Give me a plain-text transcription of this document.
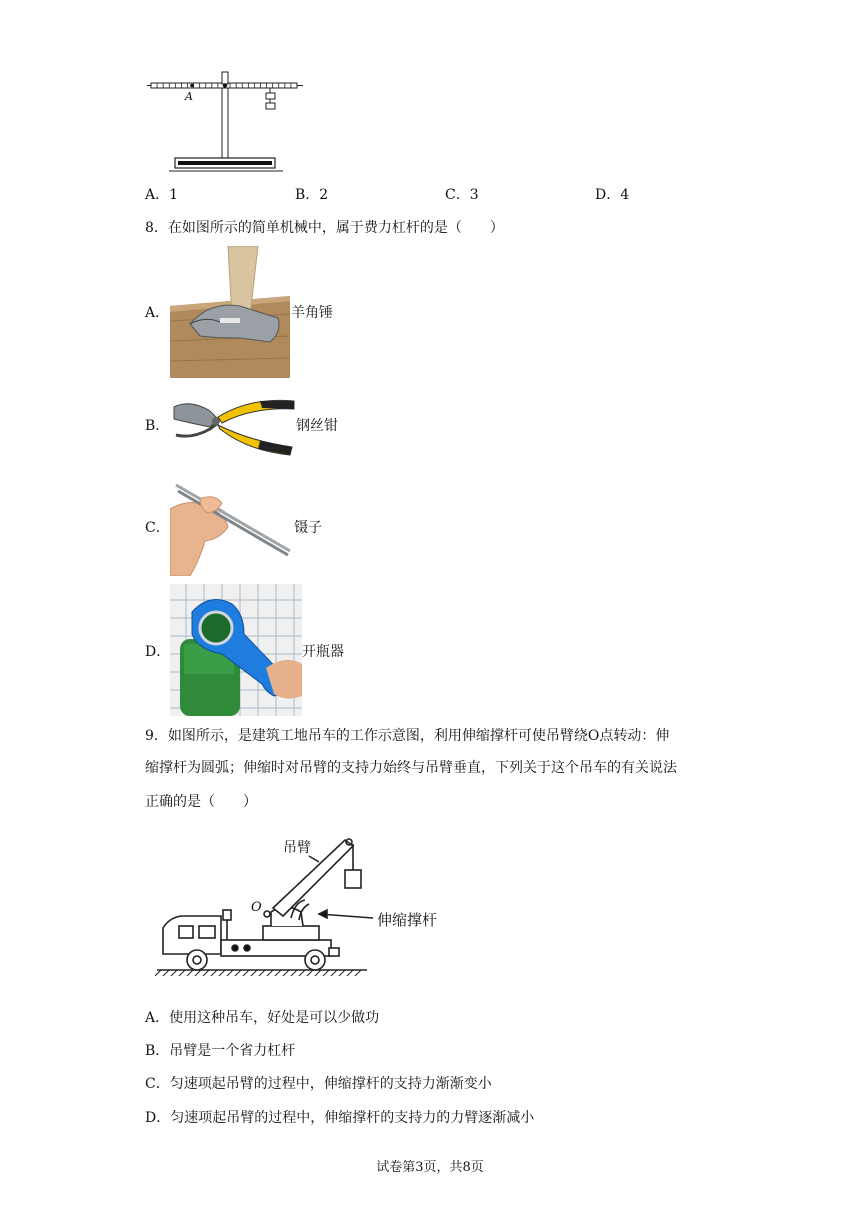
A
A．1	B．2	C．3	D．4
8．在如图所示的简单机械中，属于费力杠杆的是（　　）
A．	羊角锤
B．	钢丝钳
C．	镊子
D．	开瓶器
9．如图所示，是建筑工地吊车的工作示意图，利用伸缩撑杆可使吊臂绕O点转动：伸
缩撑杆为圆弧；伸缩时对吊臂的支持力始终与吊臂垂直，下列关于这个吊车的有关说法
正确的是（　　）
吊臂
伸缩撑杆
O
A．使用这种吊车，好处是可以少做功
B．吊臂是一个省力杠杆
C．匀速项起吊臂的过程中，伸缩撑杆的支持力渐渐变小
D．匀速项起吊臂的过程中，伸缩撑杆的支持力的力臂逐渐减小
试卷第3页，共8页
